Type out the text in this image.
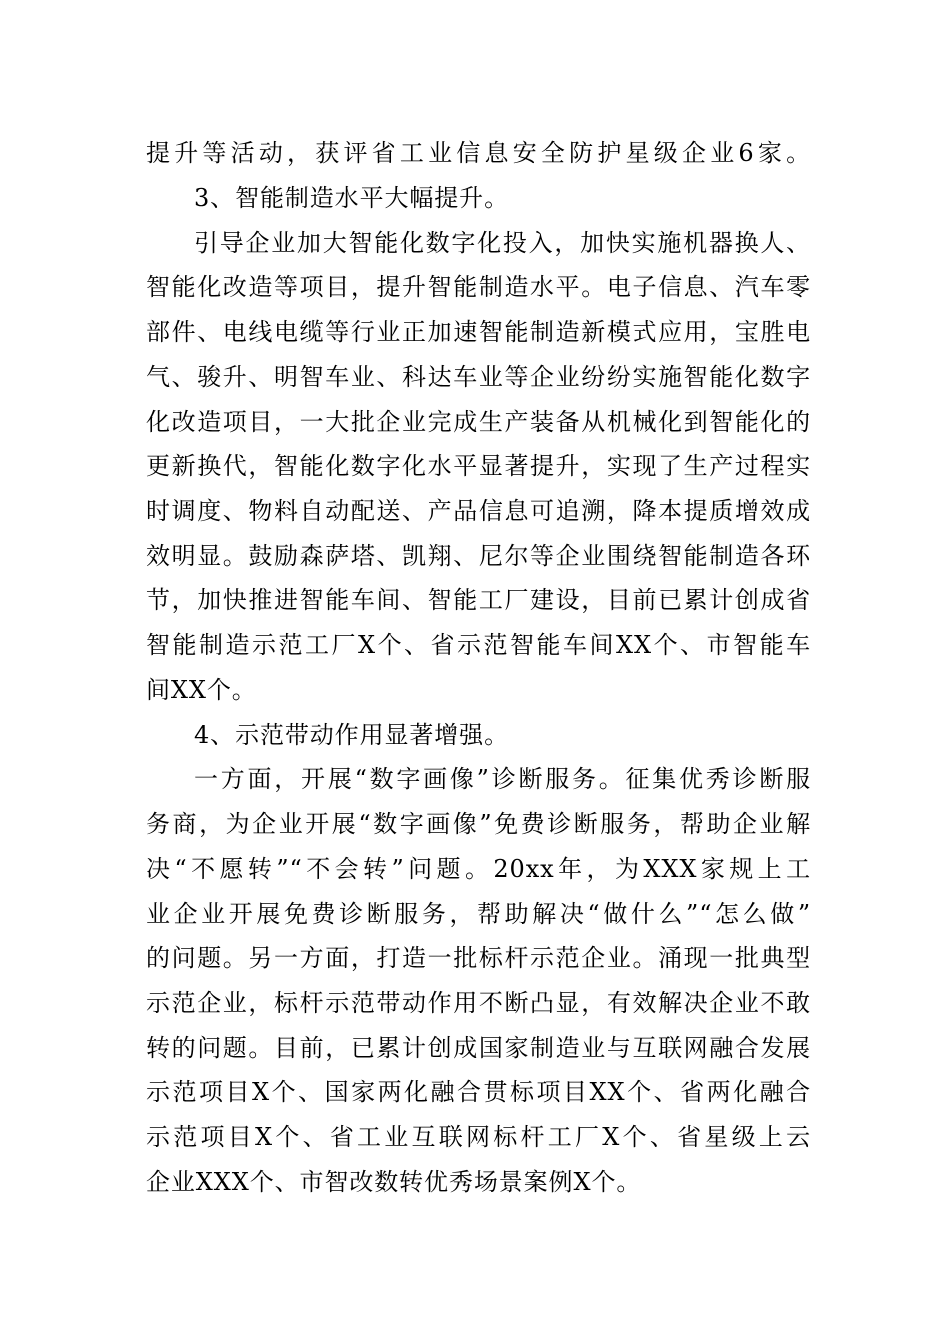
提升等活动，获评省工业信息安全防护星级企业6家。
3、智能制造水平大幅提升。
引导企业加大智能化数字化投入，加快实施机器换人、
智能化改造等项目，提升智能制造水平。电子信息、汽车零
部件、电线电缆等行业正加速智能制造新模式应用，宝胜电
气、骏升、明智车业、科达车业等企业纷纷实施智能化数字
化改造项目，一大批企业完成生产装备从机械化到智能化的
更新换代，智能化数字化水平显著提升，实现了生产过程实
时调度、物料自动配送、产品信息可追溯，降本提质增效成
效明显。鼓励森萨塔、凯翔、尼尔等企业围绕智能制造各环
节，加快推进智能车间、智能工厂建设，目前已累计创成省
智能制造示范工厂X个、省示范智能车间XX个、市智能车
间XX个。
4、示范带动作用显著增强。
一方面，开展“数字画像”诊断服务。征集优秀诊断服
务商，为企业开展“数字画像”免费诊断服务，帮助企业解
决“不愿转”“不会转”问题。20xx年，为XXX家规上工
业企业开展免费诊断服务，帮助解决“做什么”“怎么做”
的问题。另一方面，打造一批标杆示范企业。涌现一批典型
示范企业，标杆示范带动作用不断凸显，有效解决企业不敢
转的问题。目前，已累计创成国家制造业与互联网融合发展
示范项目X个、国家两化融合贯标项目XX个、省两化融合
示范项目X个、省工业互联网标杆工厂X个、省星级上云
企业XXX个、市智改数转优秀场景案例X个。
